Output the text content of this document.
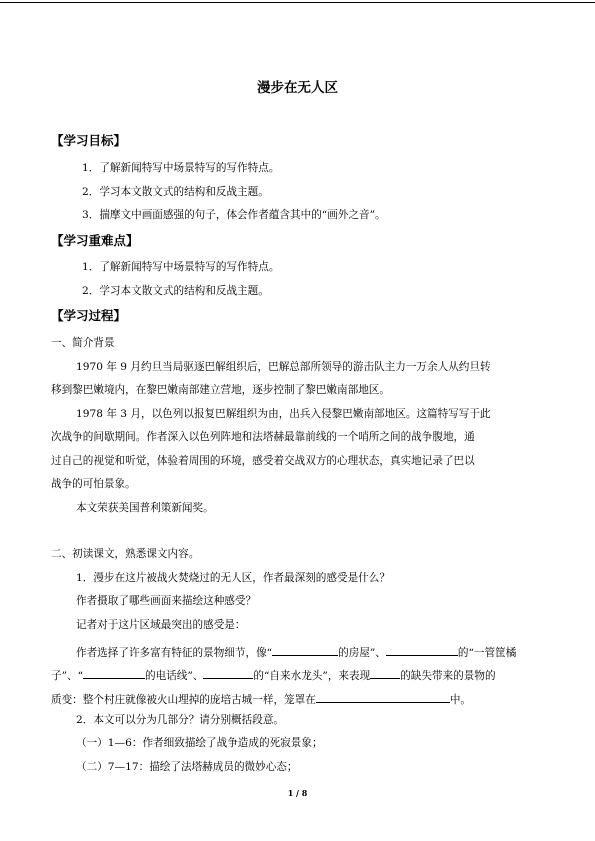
漫步在无人区
【学习目标】
1．了解新闻特写中场景特写的写作特点。
2．学习本文散文式的结构和反战主题。
3．揣摩文中画面感强的句子，体会作者蕴含其中的“画外之音”。
【学习重难点】
1．了解新闻特写中场景特写的写作特点。
2．学习本文散文式的结构和反战主题。
【学习过程】
一、简介背景
1970 年 9 月约旦当局驱逐巴解组织后，巴解总部所领导的游击队主力一万余人从约旦转
移到黎巴嫩境内，在黎巴嫩南部建立营地，逐步控制了黎巴嫩南部地区。
1978 年 3 月，以色列以报复巴解组织为由，出兵入侵黎巴嫩南部地区。这篇特写写于此
次战争的间歇期间。作者深入以色列阵地和法塔赫最靠前线的一个哨所之间的战争腹地，通
过自己的视觉和听觉，体验着周围的环境，感受着交战双方的心理状态，真实地记录了巴以
战争的可怕景象。
本文荣获美国普利策新闻奖。
二、初读课文，熟悉课文内容。
1．漫步在这片被战火焚烧过的无人区，作者最深刻的感受是什么？
作者摄取了哪些画面来描绘这种感受？
记者对于这片区域最突出的感受是：
作者选择了许多富有特征的景物细节，像“	的房屋”、	的“一管筐橘
子”、“	的电话线”、	的“自来水龙头”，来表现	的缺失带来的景物的
质变：整个村庄就像被火山埋掉的庞培古城一样，笼罩在	中。
2．本文可以分为几部分？请分别概括段意。
（一）1—6：作者细致描绘了战争造成的死寂景象；
（二）7—17：描绘了法塔赫成员的微妙心态；
1 / 8
